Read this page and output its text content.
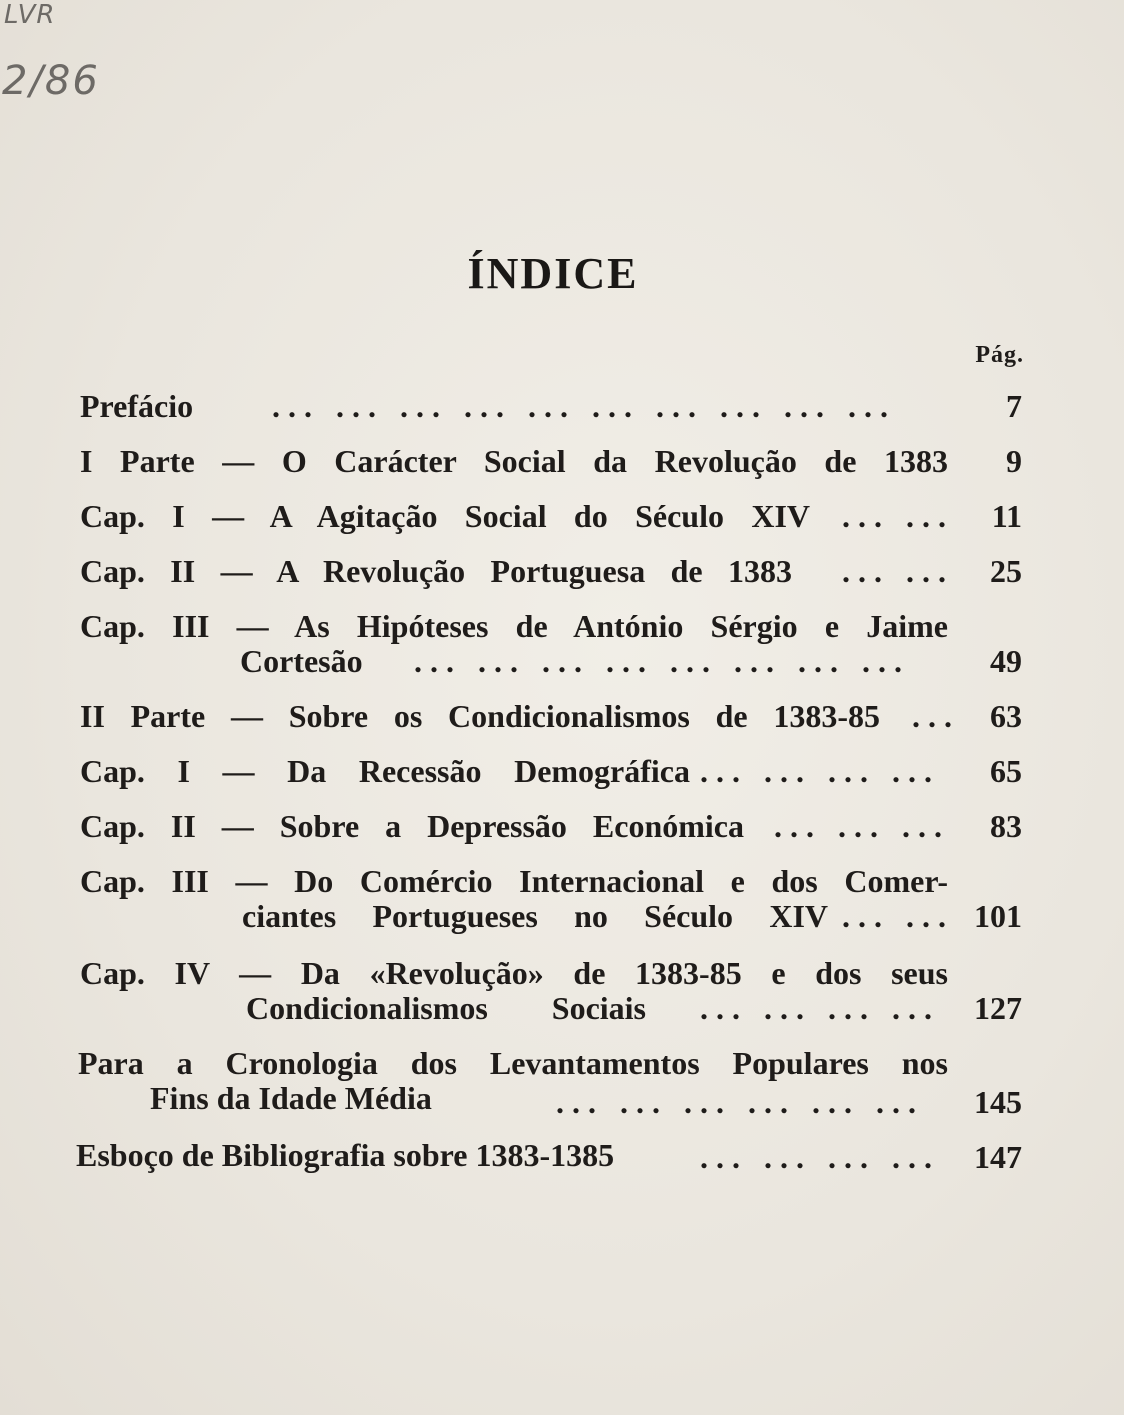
LVR
2/86
ÍNDICE
Pág.
Prefácio	... ... ... ... ... ... ... ... ... ...	7
I Parte — O Carácter Social da Revolução de 1383	9
Cap. I — A Agitação Social do Século XIV ... ...	11
Cap. II — A Revolução Portuguesa de 1383 ... ...	25
Cap. III — As Hipóteses de António Sérgio e Jaime
Cortesão ... ... ... ... ... ... ... ...	49
II Parte — Sobre os Condicionalismos de 1383-85 ... 63
Cap. I — Da Recessão Demográfica ... ... ... ...	65
Cap. II — Sobre a Depressão Económica ... ... ...	83
Cap. III — Do Comércio Internacional e dos Comer-
ciantes Portugueses no Século XIV ... ... 101
Cap. IV — Da «Revolução» de 1383-85 e dos seus
Condicionalismos Sociais ... ... ... ...	127
Para a Cronologia dos Levantamentos Populares nos
Fins da Idade Média	... ... ... ... ... ...	145
Esboço de Bibliografia sobre 1383-1385	... ... ... ...	147
